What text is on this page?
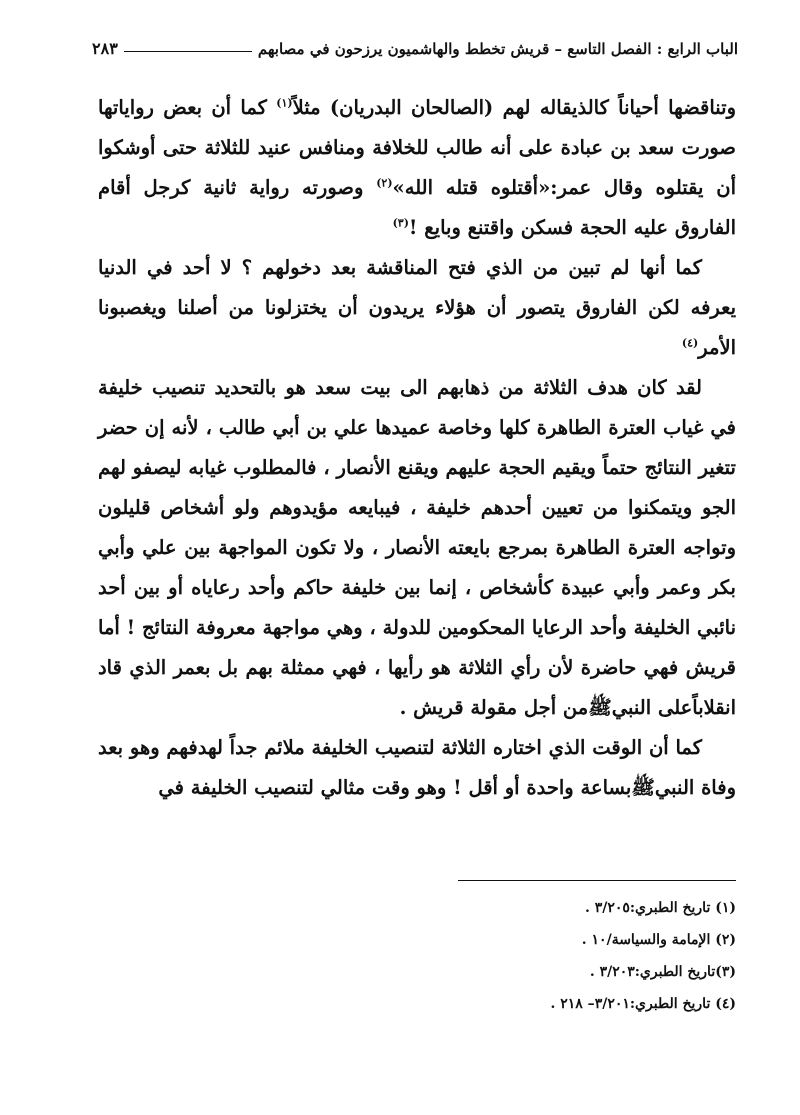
الباب الرابع : الفصل التاسع – قريش تخطط والهاشميون يرزحون في مصابهم
٢٨٣

وتناقضها أحياناً كالذيقاله لهم (الصالحان البدريان) مثلاً$^{(١)}$ كما أن بعض رواياتها صورت سعد بن عبادة على أنه طالب للخلافة ومنافس عنيد للثلاثة حتى أوشكوا أن يقتلوه وقال عمر:«أقتلوه قتله الله»$^{(٢)}$ وصورته رواية ثانية كرجل أقام الفاروق عليه الحجة فسكن واقتنع وبايع !$^{(٣)}$

كما أنها لم تبين من الذي فتح المناقشة بعد دخولهم ؟ لا أحد في الدنيا يعرفه لكن الفاروق يتصور أن هؤلاء يريدون أن يختزلونا من أصلنا ويغصبونا الأمر$^{(٤)}$

لقد كان هدف الثلاثة من ذهابهم الى بيت سعد هو بالتحديد تنصيب خليفة في غياب العترة الطاهرة كلها وخاصة عميدها علي بن أبي طالب ، لأنه إن حضر تتغير النتائج حتماً ويقيم الحجة عليهم ويقنع الأنصار ، فالمطلوب غيابه ليصفو لهم الجو ويتمكنوا من تعيين أحدهم خليفة ، فيبايعه مؤيدوهم ولو أشخاص قليلون وتواجه العترة الطاهرة بمرجع بايعته الأنصار ، ولا تكون المواجهة بين علي وأبي بكر وعمر وأبي عبيدة كأشخاص ، إنما بين خليفة حاكم وأحد رعاياه أو بين أحد نائبي الخليفة وأحد الرعايا المحكومين للدولة ، وهي مواجهة معروفة النتائج ! أما قريش فهي حاضرة لأن رأي الثلاثة هو رأيها ، فهي ممثلة بهم بل بعمر الذي قاد انقلاباًعلى النبيﷺمن أجل مقولة قريش .

كما أن الوقت الذي اختاره الثلاثة لتنصيب الخليفة ملائم جداً لهدفهم وهو بعد وفاة النبيﷺبساعة واحدة أو أقل ! وهو وقت مثالي لتنصيب الخليفة في

(١) تاريخ الطبري:٣/٢٠٥ .
(٢) الإمامة والسياسة/١٠ .
(٣)تاريخ الطبري:٣/٢٠٣ .
(٤) تاريخ الطبري:٣/٢٠١– ٢١٨ .
